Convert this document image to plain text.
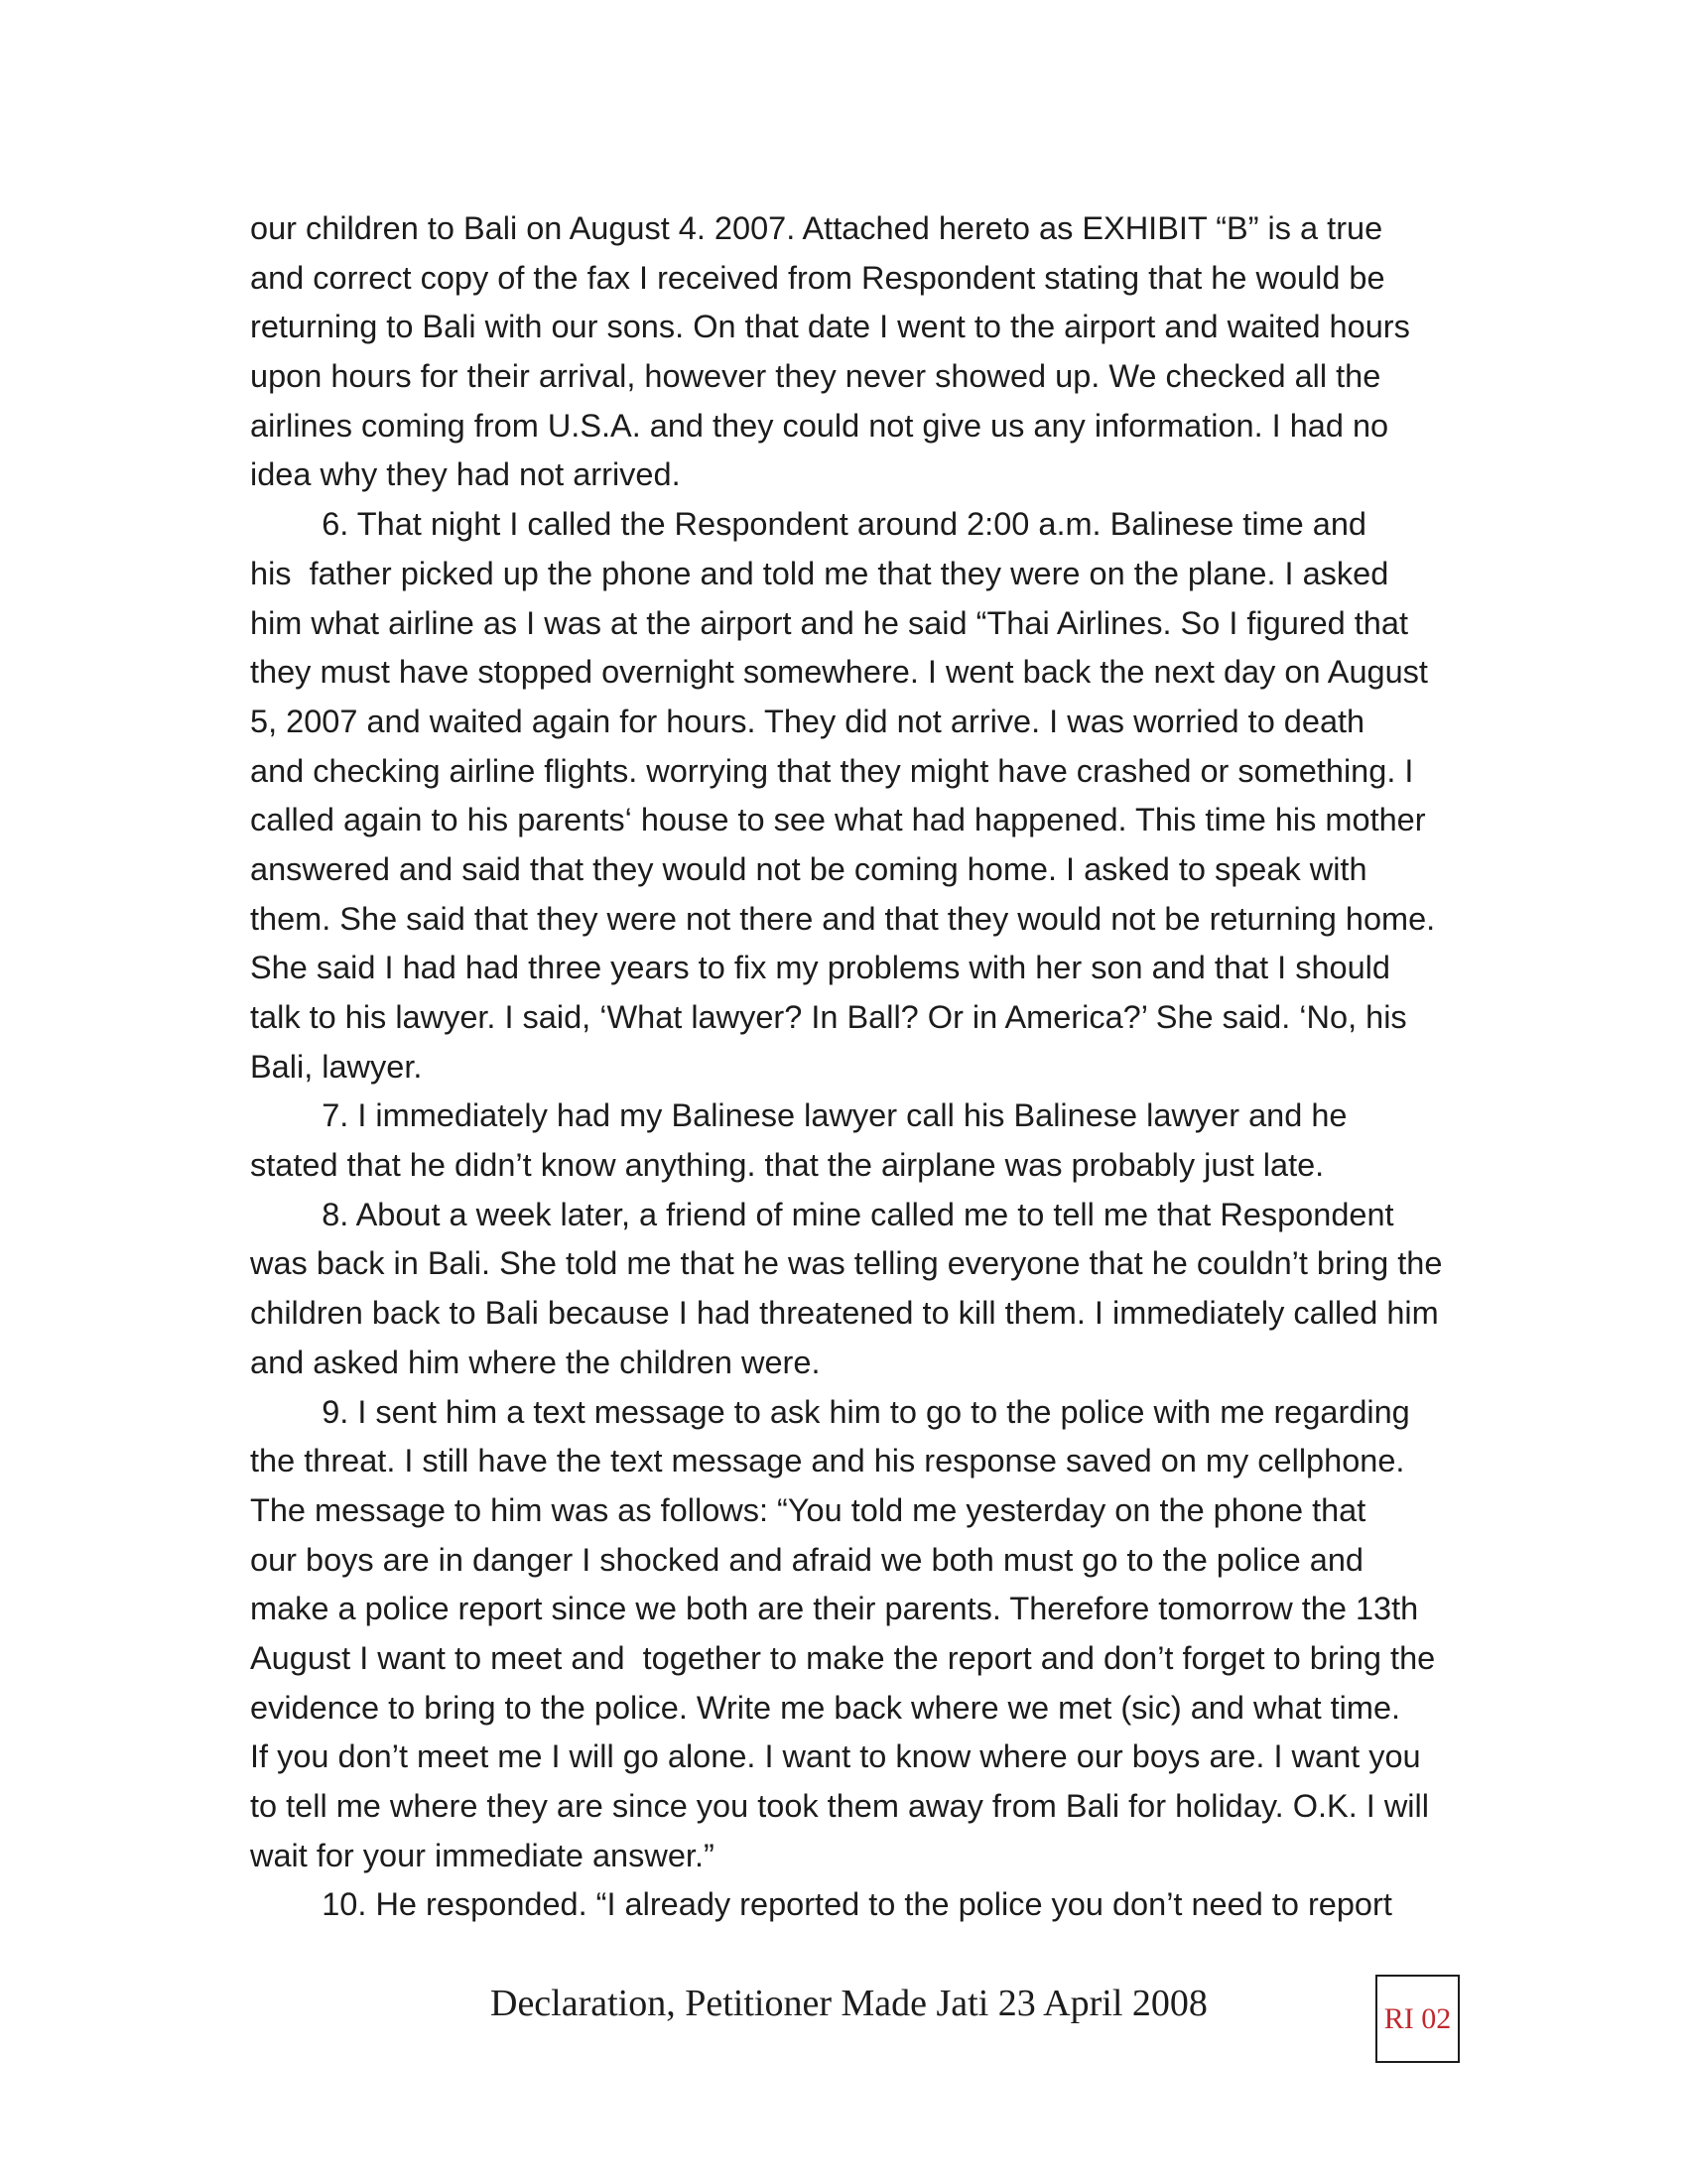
our children to Bali on August 4. 2007. Attached hereto as EXHIBIT “B” is a true
and correct copy of the fax I received from Respondent stating that he would be
returning to Bali with our sons. On that date I went to the airport and waited hours
upon hours for their arrival, however they never showed up. We checked all the
airlines coming from U.S.A. and they could not give us any information. I had no
idea why they had not arrived.
6. That night I called the Respondent around 2:00 a.m. Balinese time and
his  father picked up the phone and told me that they were on the plane. I asked
him what airline as I was at the airport and he said “Thai Airlines. So I figured that
they must have stopped overnight somewhere. I went back the next day on August
5, 2007 and waited again for hours. They did not arrive. I was worried to death
and checking airline flights. worrying that they might have crashed or something. I
called again to his parents‘ house to see what had happened. This time his mother
answered and said that they would not be coming home. I asked to speak with
them. She said that they were not there and that they would not be returning home.
She said I had had three years to fix my problems with her son and that I should
talk to his lawyer. I said, ‘What lawyer? In Ball? Or in America?’ She said. ‘No, his
Bali, lawyer.
7. I immediately had my Balinese lawyer call his Balinese lawyer and he
stated that he didn’t know anything. that the airplane was probably just late.
8. About a week later, a friend of mine called me to tell me that Respondent
was back in Bali. She told me that he was telling everyone that he couldn’t bring the
children back to Bali because I had threatened to kill them. I immediately called him
and asked him where the children were.
9. I sent him a text message to ask him to go to the police with me regarding
the threat. I still have the text message and his response saved on my cellphone.
The message to him was as follows: “You told me yesterday on the phone that
our boys are in danger I shocked and afraid we both must go to the police and
make a police report since we both are their parents. Therefore tomorrow the 13th
August I want to meet and  together to make the report and don’t forget to bring the
evidence to bring to the police. Write me back where we met (sic) and what time.
If you don’t meet me I will go alone. I want to know where our boys are. I want you
to tell me where they are since you took them away from Bali for holiday. O.K. I will
wait for your immediate answer.”
10. He responded. “I already reported to the police you don’t need to report
Declaration, Petitioner Made Jati 23 April 2008	RI 02
